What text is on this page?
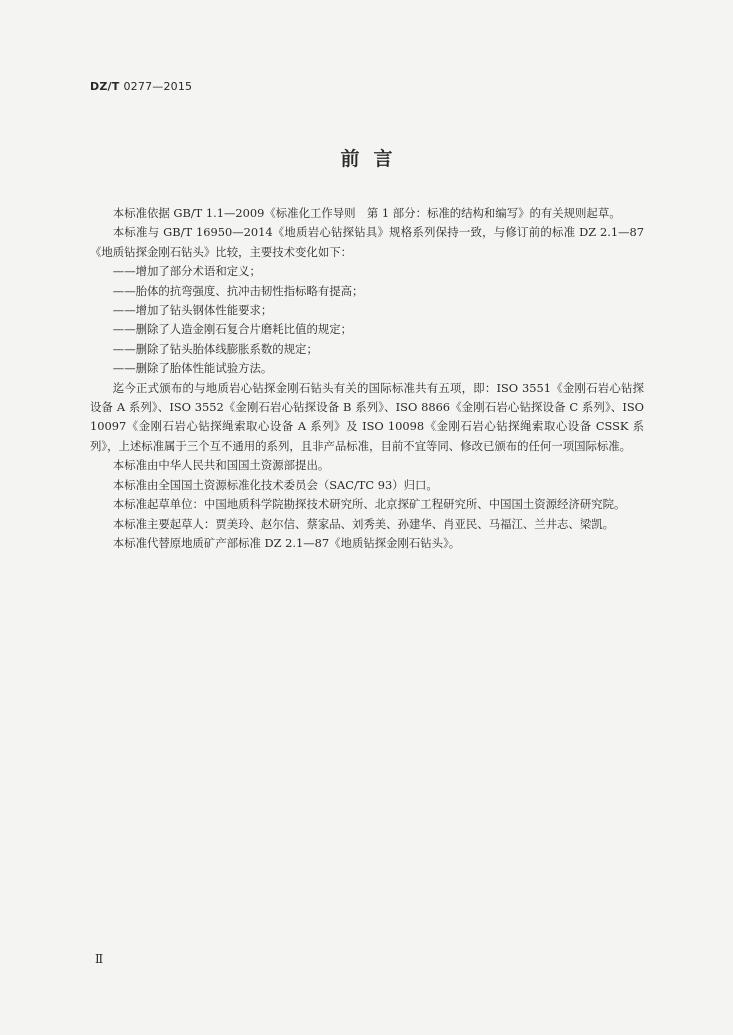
DZ/T 0277—2015
前言

本标准依据 GB/T 1.1—2009《标准化工作导则　第 1 部分：标准的结构和编写》的有关规则起草。

本标准与 GB/T 16950—2014《地质岩心钻探钻具》规格系列保持一致，与修订前的标准 DZ 2.1—87《地质钻探金刚石钻头》比较，主要技术变化如下：

——增加了部分术语和定义；

——胎体的抗弯强度、抗冲击韧性指标略有提高；

——增加了钻头钢体性能要求；

——删除了人造金刚石复合片磨耗比值的规定；

——删除了钻头胎体线膨胀系数的规定；

——删除了胎体性能试验方法。

迄今正式颁布的与地质岩心钻探金刚石钻头有关的国际标准共有五项，即：ISO 3551《金刚石岩心钻探设备 A 系列》、ISO 3552《金刚石岩心钻探设备 B 系列》、ISO 8866《金刚石岩心钻探设备 C 系列》、ISO 10097《金刚石岩心钻探绳索取心设备 A 系列》及 ISO 10098《金刚石岩心钻探绳索取心设备 CSSK 系列》，上述标准属于三个互不通用的系列，且非产品标准，目前不宜等同、修改已颁布的任何一项国际标准。

本标准由中华人民共和国国土资源部提出。

本标准由全国国土资源标准化技术委员会（SAC/TC 93）归口。

本标准起草单位：中国地质科学院勘探技术研究所、北京探矿工程研究所、中国国土资源经济研究院。

本标准主要起草人：贾美玲、赵尔信、蔡家品、刘秀美、孙建华、肖亚民、马福江、兰井志、梁凯。

本标准代替原地质矿产部标准 DZ 2.1—87《地质钻探金刚石钻头》。

Ⅱ
